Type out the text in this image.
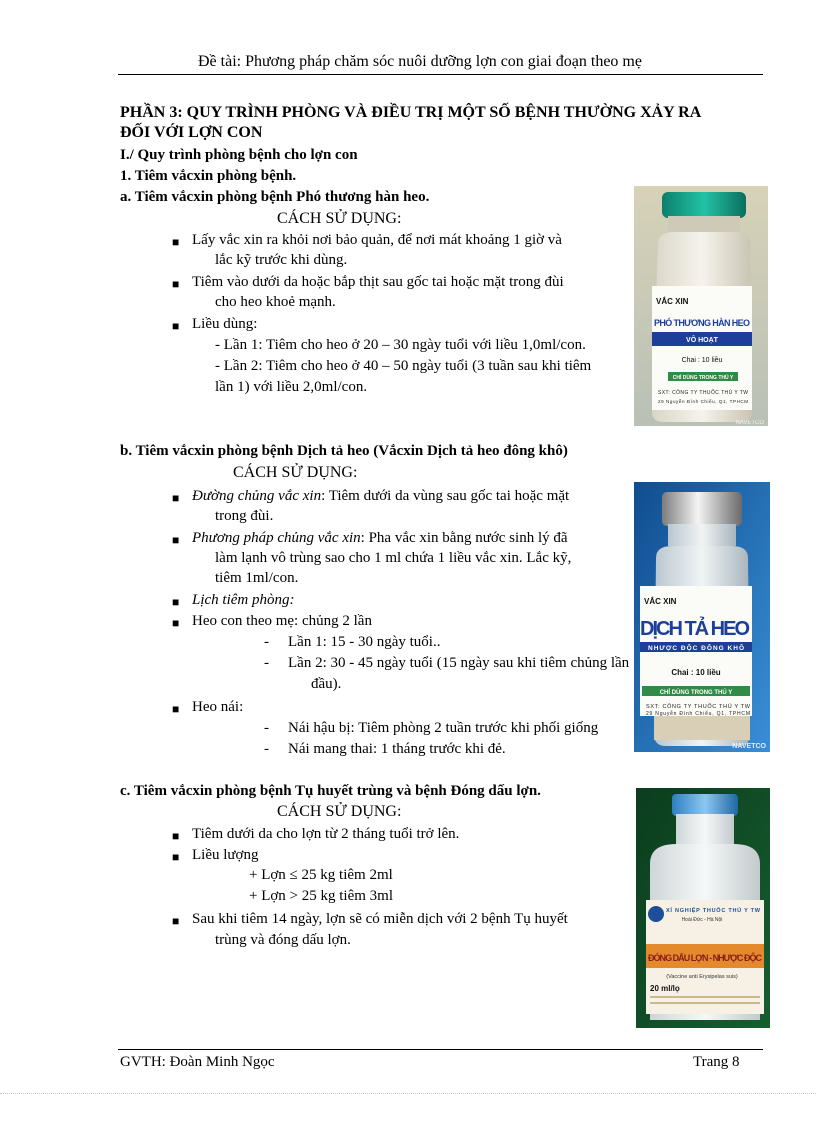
Đề tài: Phương pháp chăm sóc nuôi dưỡng lợn con giai đoạn theo mẹ
PHẦN 3: QUY TRÌNH PHÒNG VÀ ĐIỀU TRỊ MỘT SỐ BỆNH THƯỜNG XẢY RA
ĐỐI VỚI LỢN CON
I./ Quy trình phòng bệnh cho lợn con
1. Tiêm vắcxin phòng bệnh.
a. Tiêm vắcxin phòng bệnh Phó thương hàn heo.
CÁCH SỬ DỤNG:
■ Lấy vắc xin ra khỏi nơi bảo quản, để nơi mát khoảng 1 giờ và
lắc kỹ trước khi dùng.
■ Tiêm vào dưới da hoặc bắp thịt sau gốc tai hoặc mặt trong đùi
cho heo khoẻ mạnh.
■ Liều dùng:
- Lần 1: Tiêm cho heo ở 20 – 30 ngày tuổi với liều 1,0ml/con.
- Lần 2: Tiêm cho heo ở 40 – 50 ngày tuổi (3 tuần sau khi tiêm
lần 1) với liều 2,0ml/con.
b. Tiêm vắcxin phòng bệnh Dịch tả heo (Vắcxin Dịch tả heo đông khô)
CÁCH SỬ DỤNG:
■ Đường chủng vắc xin: Tiêm dưới da vùng sau gốc tai hoặc mặt
trong đùi.
■ Phương pháp chủng vắc xin: Pha vắc xin bằng nước sinh lý đã
làm lạnh vô trùng sao cho 1 ml chứa 1 liều vắc xin. Lắc kỹ,
tiêm 1ml/con.
■ Lịch tiêm phòng:
■ Heo con theo mẹ: chủng 2 lần
- Lần 1: 15 - 30 ngày tuổi..
- Lần 2: 30 - 45 ngày tuổi (15 ngày sau khi tiêm chủng lần
đầu).
■ Heo nái:
- Nái hậu bị: Tiêm phòng 2 tuần trước khi phối giống
- Nái mang thai: 1 tháng trước khi đẻ.
c. Tiêm vắcxin phòng bệnh Tụ huyết trùng và bệnh Đóng dấu lợn.
CÁCH SỬ DỤNG:
■ Tiêm dưới da cho lợn từ 2 tháng tuổi trở lên.
■ Liều lượng
+ Lợn ≤ 25 kg tiêm 2ml
+ Lợn > 25 kg tiêm 3ml
■ Sau khi tiêm 14 ngày, lợn sẽ có miễn dịch với 2 bệnh Tụ huyết
trùng và đóng dấu lợn.
VẮC XIN
PHÓ THƯƠNG HÀN HEO
VÔ HOẠT
Chai : 10 liều
CHỈ DÙNG TRONG THÚ Y
SXT: CÔNG TY THUỐC THÚ Y TW
29 Nguyễn Đình Chiểu, Q1, TPHCM
NAVETCO
VẮC XIN
DỊCH TẢ HEO
NHƯỢC ĐỘC ĐÔNG KHÔ
Chai : 10 liều
CHỈ DÙNG TRONG THÚ Y
SXT: CÔNG TY THUỐC THÚ Y TW
29 Nguyễn Đình Chiểu, Q1, TPHCM
NAVETCO
XÍ NGHIỆP THUỐC THÚ Y TW
Hoài Đức - Hà Nội
ĐÓNG DẤU LỢN - NHƯỢC ĐỘC
(Vaccine anti Erysipelas suis)
20 ml/lọ
GVTH: Đoàn Minh Ngọc	Trang 8
